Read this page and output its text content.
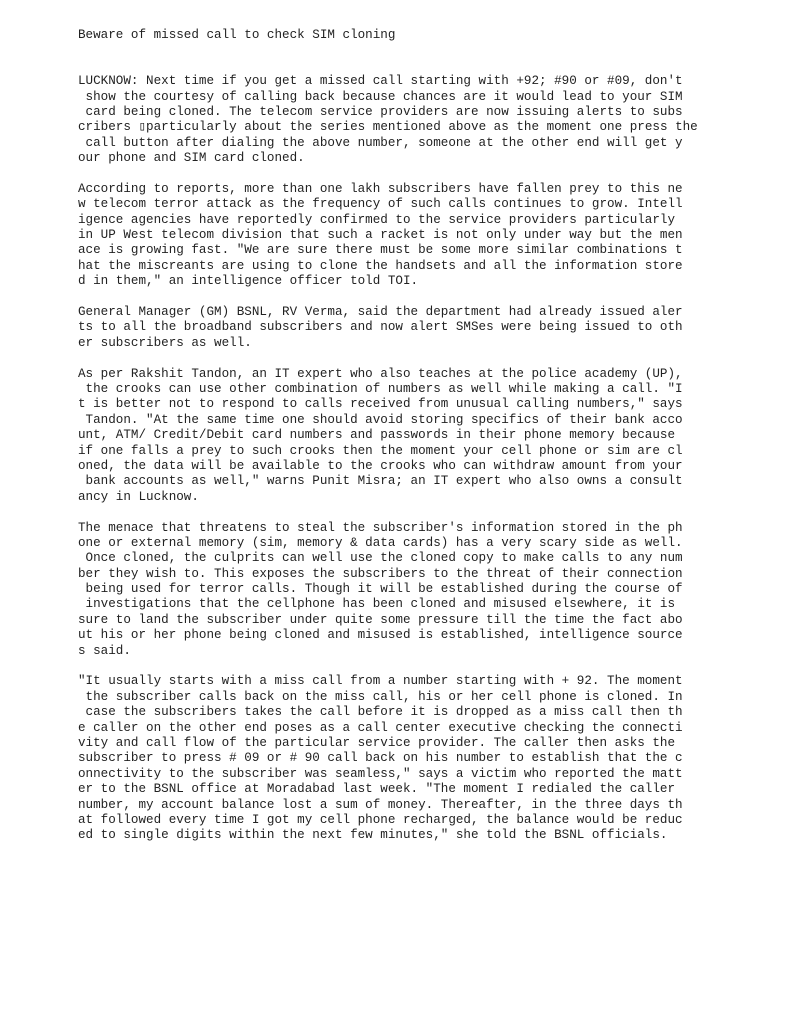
Beware of missed call to check SIM cloning
LUCKNOW: Next time if you get a missed call starting with +92; #90 or #09, don't
show the courtesy of calling back because chances are it would lead to your SIM
card being cloned. The telecom service providers are now issuing alerts to subs
cribers ▯particularly about the series mentioned above as the moment one press the
call button after dialing the above number, someone at the other end will get y
our phone and SIM card cloned.
According to reports, more than one lakh subscribers have fallen prey to this ne
w telecom terror attack as the frequency of such calls continues to grow. Intell
igence agencies have reportedly confirmed to the service providers particularly
in UP West telecom division that such a racket is not only under way but the men
ace is growing fast. "We are sure there must be some more similar combinations t
hat the miscreants are using to clone the handsets and all the information store
d in them," an intelligence officer told TOI.
General Manager (GM) BSNL, RV Verma, said the department had already issued aler
ts to all the broadband subscribers and now alert SMSes were being issued to oth
er subscribers as well.
As per Rakshit Tandon, an IT expert who also teaches at the police academy (UP),
the crooks can use other combination of numbers as well while making a call. "I
t is better not to respond to calls received from unusual calling numbers," says
Tandon. "At the same time one should avoid storing specifics of their bank acco
unt, ATM/ Credit/Debit card numbers and passwords in their phone memory because
if one falls a prey to such crooks then the moment your cell phone or sim are cl
oned, the data will be available to the crooks who can withdraw amount from your
bank accounts as well," warns Punit Misra; an IT expert who also owns a consult
ancy in Lucknow.
The menace that threatens to steal the subscriber's information stored in the ph
one or external memory (sim, memory & data cards) has a very scary side as well.
Once cloned, the culprits can well use the cloned copy to make calls to any num
ber they wish to. This exposes the subscribers to the threat of their connection
being used for terror calls. Though it will be established during the course of
investigations that the cellphone has been cloned and misused elsewhere, it is
sure to land the subscriber under quite some pressure till the time the fact abo
ut his or her phone being cloned and misused is established, intelligence source
s said.
"It usually starts with a miss call from a number starting with + 92. The moment
the subscriber calls back on the miss call, his or her cell phone is cloned. In
case the subscribers takes the call before it is dropped as a miss call then th
e caller on the other end poses as a call center executive checking the connecti
vity and call flow of the particular service provider. The caller then asks the
subscriber to press # 09 or # 90 call back on his number to establish that the c
onnectivity to the subscriber was seamless," says a victim who reported the matt
er to the BSNL office at Moradabad last week. "The moment I redialed the caller
number, my account balance lost a sum of money. Thereafter, in the three days th
at followed every time I got my cell phone recharged, the balance would be reduc
ed to single digits within the next few minutes," she told the BSNL officials.
